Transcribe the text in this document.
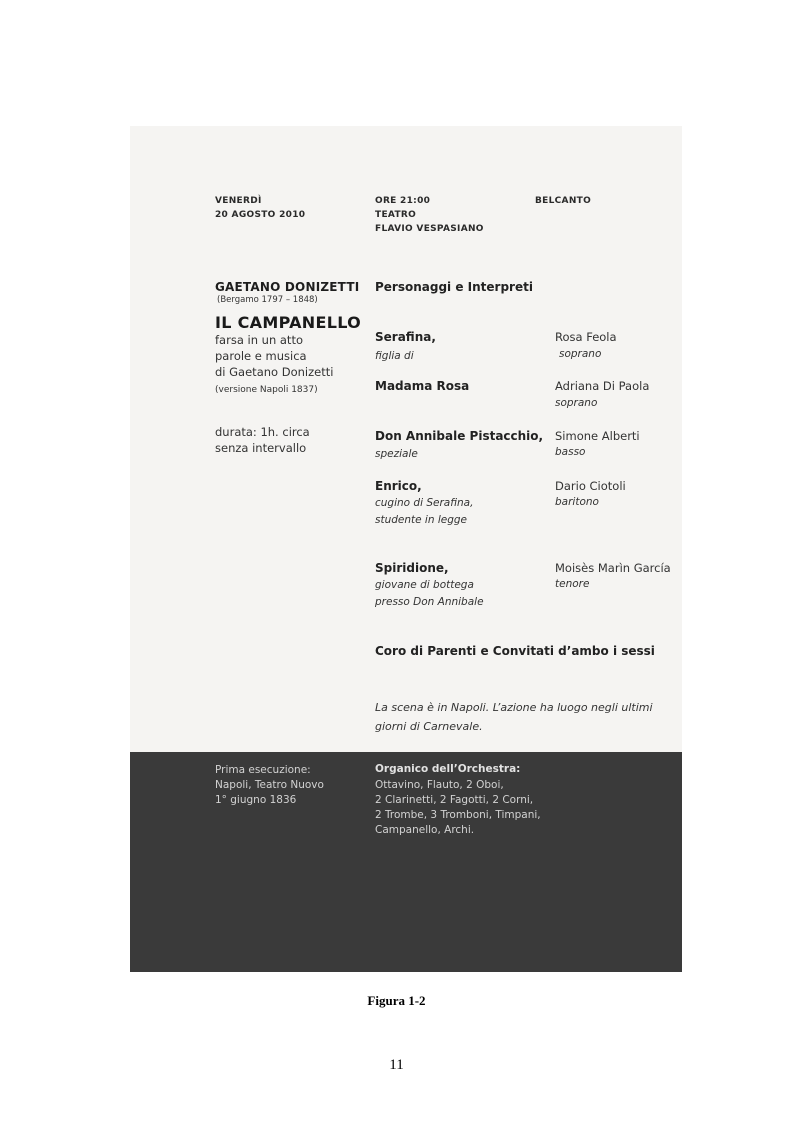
VENERDÌ
20 AGOSTO 2010
ORE 21:00
TEATRO
FLAVIO VESPASIANO
BELCANTO
GAETANO DONIZETTI
(Bergamo 1797 – 1848)
IL CAMPANELLO
farsa in un atto
parole e musica
di Gaetano Donizetti
(versione Napoli 1837)
durata: 1h. circa
senza intervallo
Personaggi e Interpreti
Serafina,
figlia di
Rosa Feola
soprano
Madama Rosa	Adriana Di Paola
soprano
Don Annibale Pistacchio,
speziale
Simone Alberti
basso
Enrico,
cugino di Serafina,
studente in legge
Dario Ciotoli
baritono
Spiridione,
giovane di bottega
presso Don Annibale
Moisès Marìn García
tenore
Coro di Parenti e Convitati d’ambo i sessi
La scena è in Napoli. L’azione ha luogo negli ultimi giorni di Carnevale.
Prima esecuzione:
Napoli, Teatro Nuovo
1° giugno 1836
Organico dell’Orchestra:
Ottavino, Flauto, 2 Oboi,
2 Clarinetti, 2 Fagotti, 2 Corni,
2 Trombe, 3 Tromboni, Timpani,
Campanello, Archi.
Figura 1-2
11
